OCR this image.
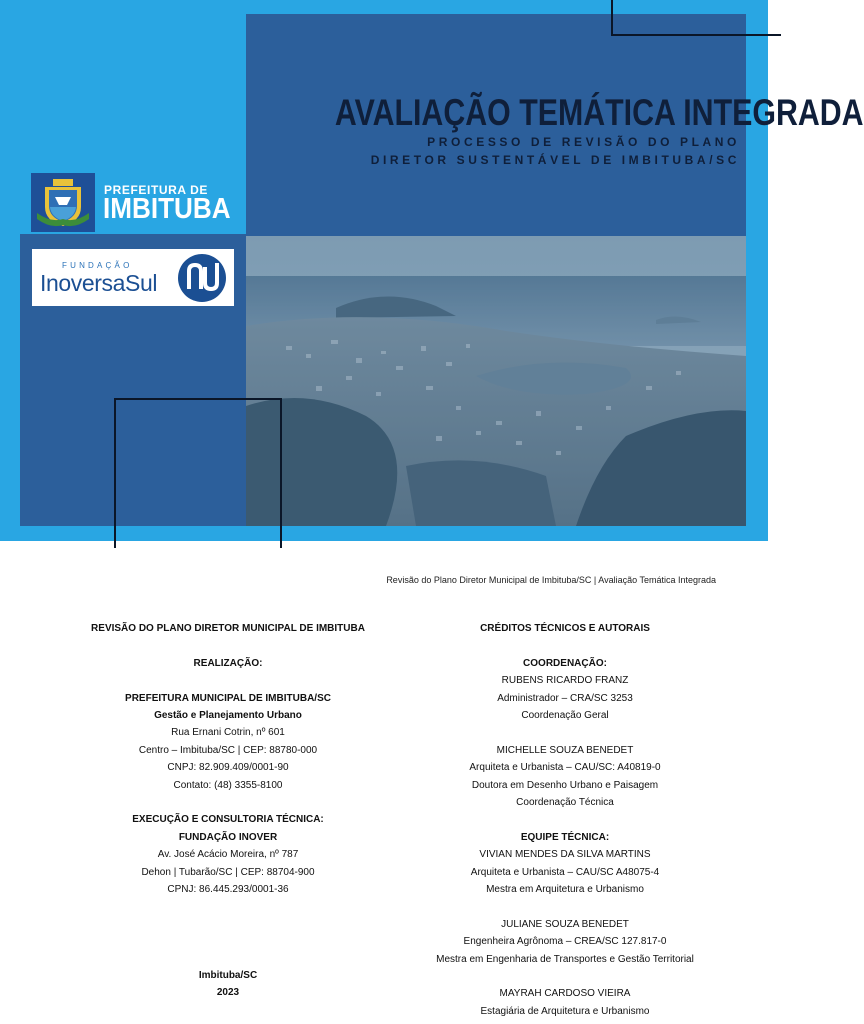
AVALIAÇÃO TEMÁTICA INTEGRADA
PROCESSO DE REVISÃO DO PLANO
DIRETOR SUSTENTÁVEL DE IMBITUBA/SC
PREFEITURA DE
IMBITUBA
FUNDAÇÃO
InoversaSul
Revisão do Plano Diretor Municipal de Imbituba/SC | Avaliação Temática Integrada
REVISÃO DO PLANO DIRETOR MUNICIPAL DE IMBITUBA
REALIZAÇÃO:
PREFEITURA MUNICIPAL DE IMBITUBA/SC
Gestão e Planejamento Urbano
Rua Ernani Cotrin, nº 601
Centro – Imbituba/SC | CEP: 88780-000
CNPJ: 82.909.409/0001-90
Contato: (48) 3355-8100
EXECUÇÃO E CONSULTORIA TÉCNICA:
FUNDAÇÃO INOVER
Av. José Acácio Moreira, nº 787
Dehon | Tubarão/SC | CEP: 88704-900
CPNJ: 86.445.293/0001-36
Imbituba/SC
2023
CRÉDITOS TÉCNICOS E AUTORAIS
COORDENAÇÃO:
RUBENS RICARDO FRANZ
Administrador – CRA/SC 3253
Coordenação Geral
MICHELLE SOUZA BENEDET
Arquiteta e Urbanista – CAU/SC: A40819-0
Doutora em Desenho Urbano e Paisagem
Coordenação Técnica
EQUIPE TÉCNICA:
VIVIAN MENDES DA SILVA MARTINS
Arquiteta e Urbanista – CAU/SC A48075-4
Mestra em Arquitetura e Urbanismo
JULIANE SOUZA BENEDET
Engenheira Agrônoma – CREA/SC 127.817-0
Mestra em Engenharia de Transportes e Gestão Territorial
MAYRAH CARDOSO VIEIRA
Estagiária de Arquitetura e Urbanismo
